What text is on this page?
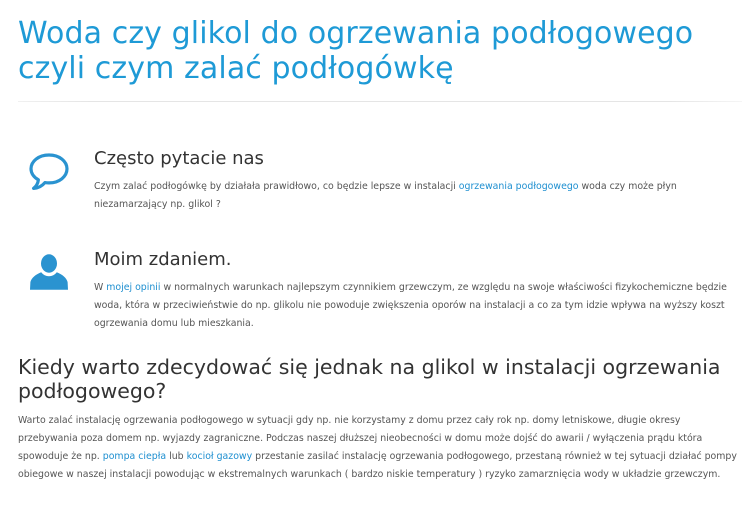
Woda czy glikol do ogrzewania podłogowego
czyli czym zalać podłogówkę
Często pytacie nas

Czym zalać podłogówkę by działała prawidłowo, co będzie lepsze w instalacji ogrzewania podłogowego woda czy może płyn niezamarzający np. glikol ?

Moim zdaniem.

W mojej opinii w normalnych warunkach najlepszym czynnikiem grzewczym, ze względu na swoje właściwości fizykochemiczne będzie woda, która w przeciwieństwie do np. glikolu nie powoduje zwiększenia oporów na instalacji a co za tym idzie wpływa na wyższy koszt ogrzewania domu lub mieszkania.

Kiedy warto zdecydować się jednak na glikol w instalacji ogrzewania podłogowego?

Warto zalać instalację ogrzewania podłogowego w sytuacji gdy np. nie korzystamy z domu przez cały rok np. domy letniskowe, długie okresy przebywania poza domem np. wyjazdy zagraniczne. Podczas naszej dłuższej nieobecności w domu może dojść do awarii / wyłączenia prądu która spowoduje że np. pompa ciepła lub kocioł gazowy przestanie zasilać instalację ogrzewania podłogowego, przestaną również w tej sytuacji działać pompy obiegowe w naszej instalacji powodując w ekstremalnych warunkach ( bardzo niskie temperatury ) ryzyko zamarznięcia wody w układzie grzewczym.
